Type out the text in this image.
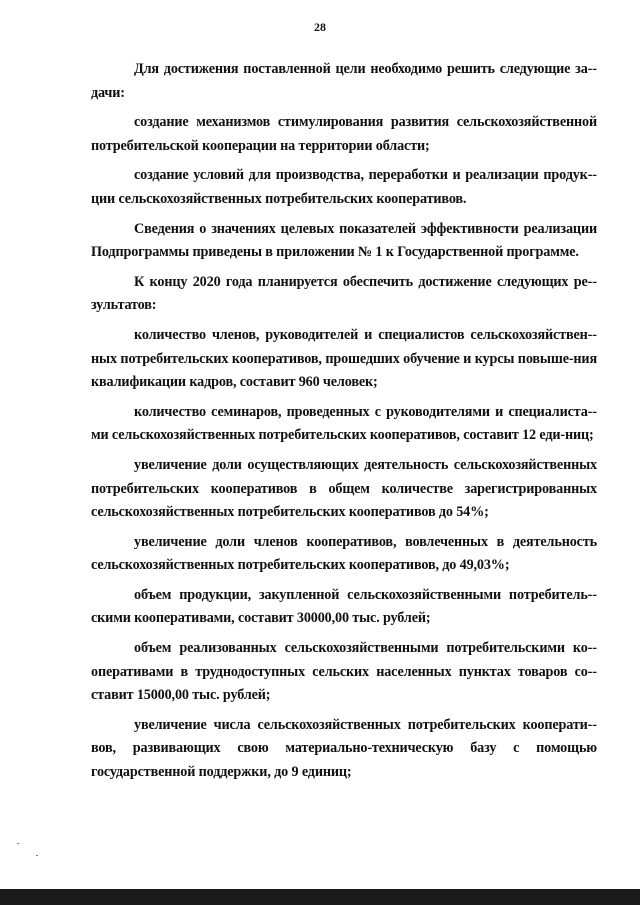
28

Для достижения поставленной цели необходимо решить следующие за-дачи:

создание механизмов стимулирования развития сельскохозяйственной потребительской кооперации на территории области;

создание условий для производства, переработки и реализации продук-ции сельскохозяйственных потребительских кооперативов.

Сведения о значениях целевых показателей эффективности реализации Подпрограммы приведены в приложении № 1 к Государственной программе.

К концу 2020 года планируется обеспечить достижение следующих ре-зультатов:

количество членов, руководителей и специалистов сельскохозяйствен-ных потребительских кооперативов, прошедших обучение и курсы повыше-ния квалификации кадров, составит 960 человек;

количество семинаров, проведенных с руководителями и специалиста-ми сельскохозяйственных потребительских кооперативов, составит 12 еди-ниц;

увеличение доли осуществляющих деятельность сельскохозяйственных потребительских кооперативов в общем количестве зарегистрированных сельскохозяйственных потребительских кооперативов до 54%;

увеличение доли членов кооперативов, вовлеченных в деятельность сельскохозяйственных потребительских кооперативов, до 49,03%;

объем продукции, закупленной сельскохозяйственными потребитель-скими кооперативами, составит 30000,00 тыс. рублей;

объем реализованных сельскохозяйственными потребительскими ко-оперативами в труднодоступных сельских населенных пунктах товаров со-ставит 15000,00 тыс. рублей;

увеличение числа сельскохозяйственных потребительских кооперати-вов, развивающих свою материально-техническую базу с помощью государственной поддержки, до 9 единиц;
